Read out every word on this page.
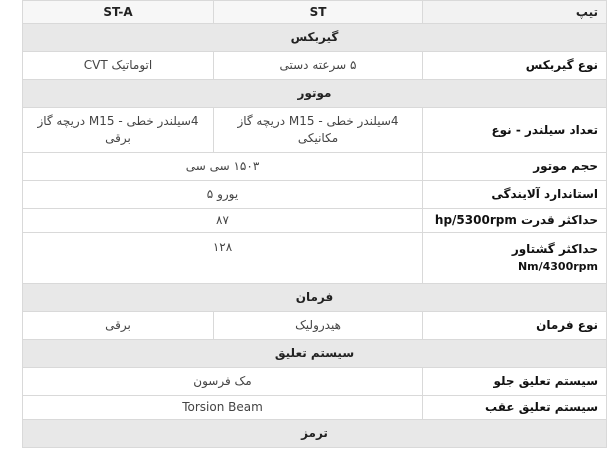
تیپ	ST	ST-A
گیربکس		
نوع گیربکس	۵ سرعته دستی	اتوماتیک CVT
موتور		
تعداد سیلندر - نوع	4سیلندر خطی - M15 دریچه گاز مکانیکی	4سیلندر خطی - M15 دریچه گاز برقی
حجم موتور	۱۵۰۳ سی سی	
استاندارد آلایندگی	یورو ۵	
حداکثر قدرت hp/5300rpm	۸۷	

حداکثر گشتاور
Nm/4300rpm	۱۲۸	
فرمان		
نوع فرمان	هیدرولیک	برقی
سیستم تعلیق		
سیستم تعلیق جلو	مک فرسون	
سیستم تعلیق عقب	Torsion Beam	
ترمز		
